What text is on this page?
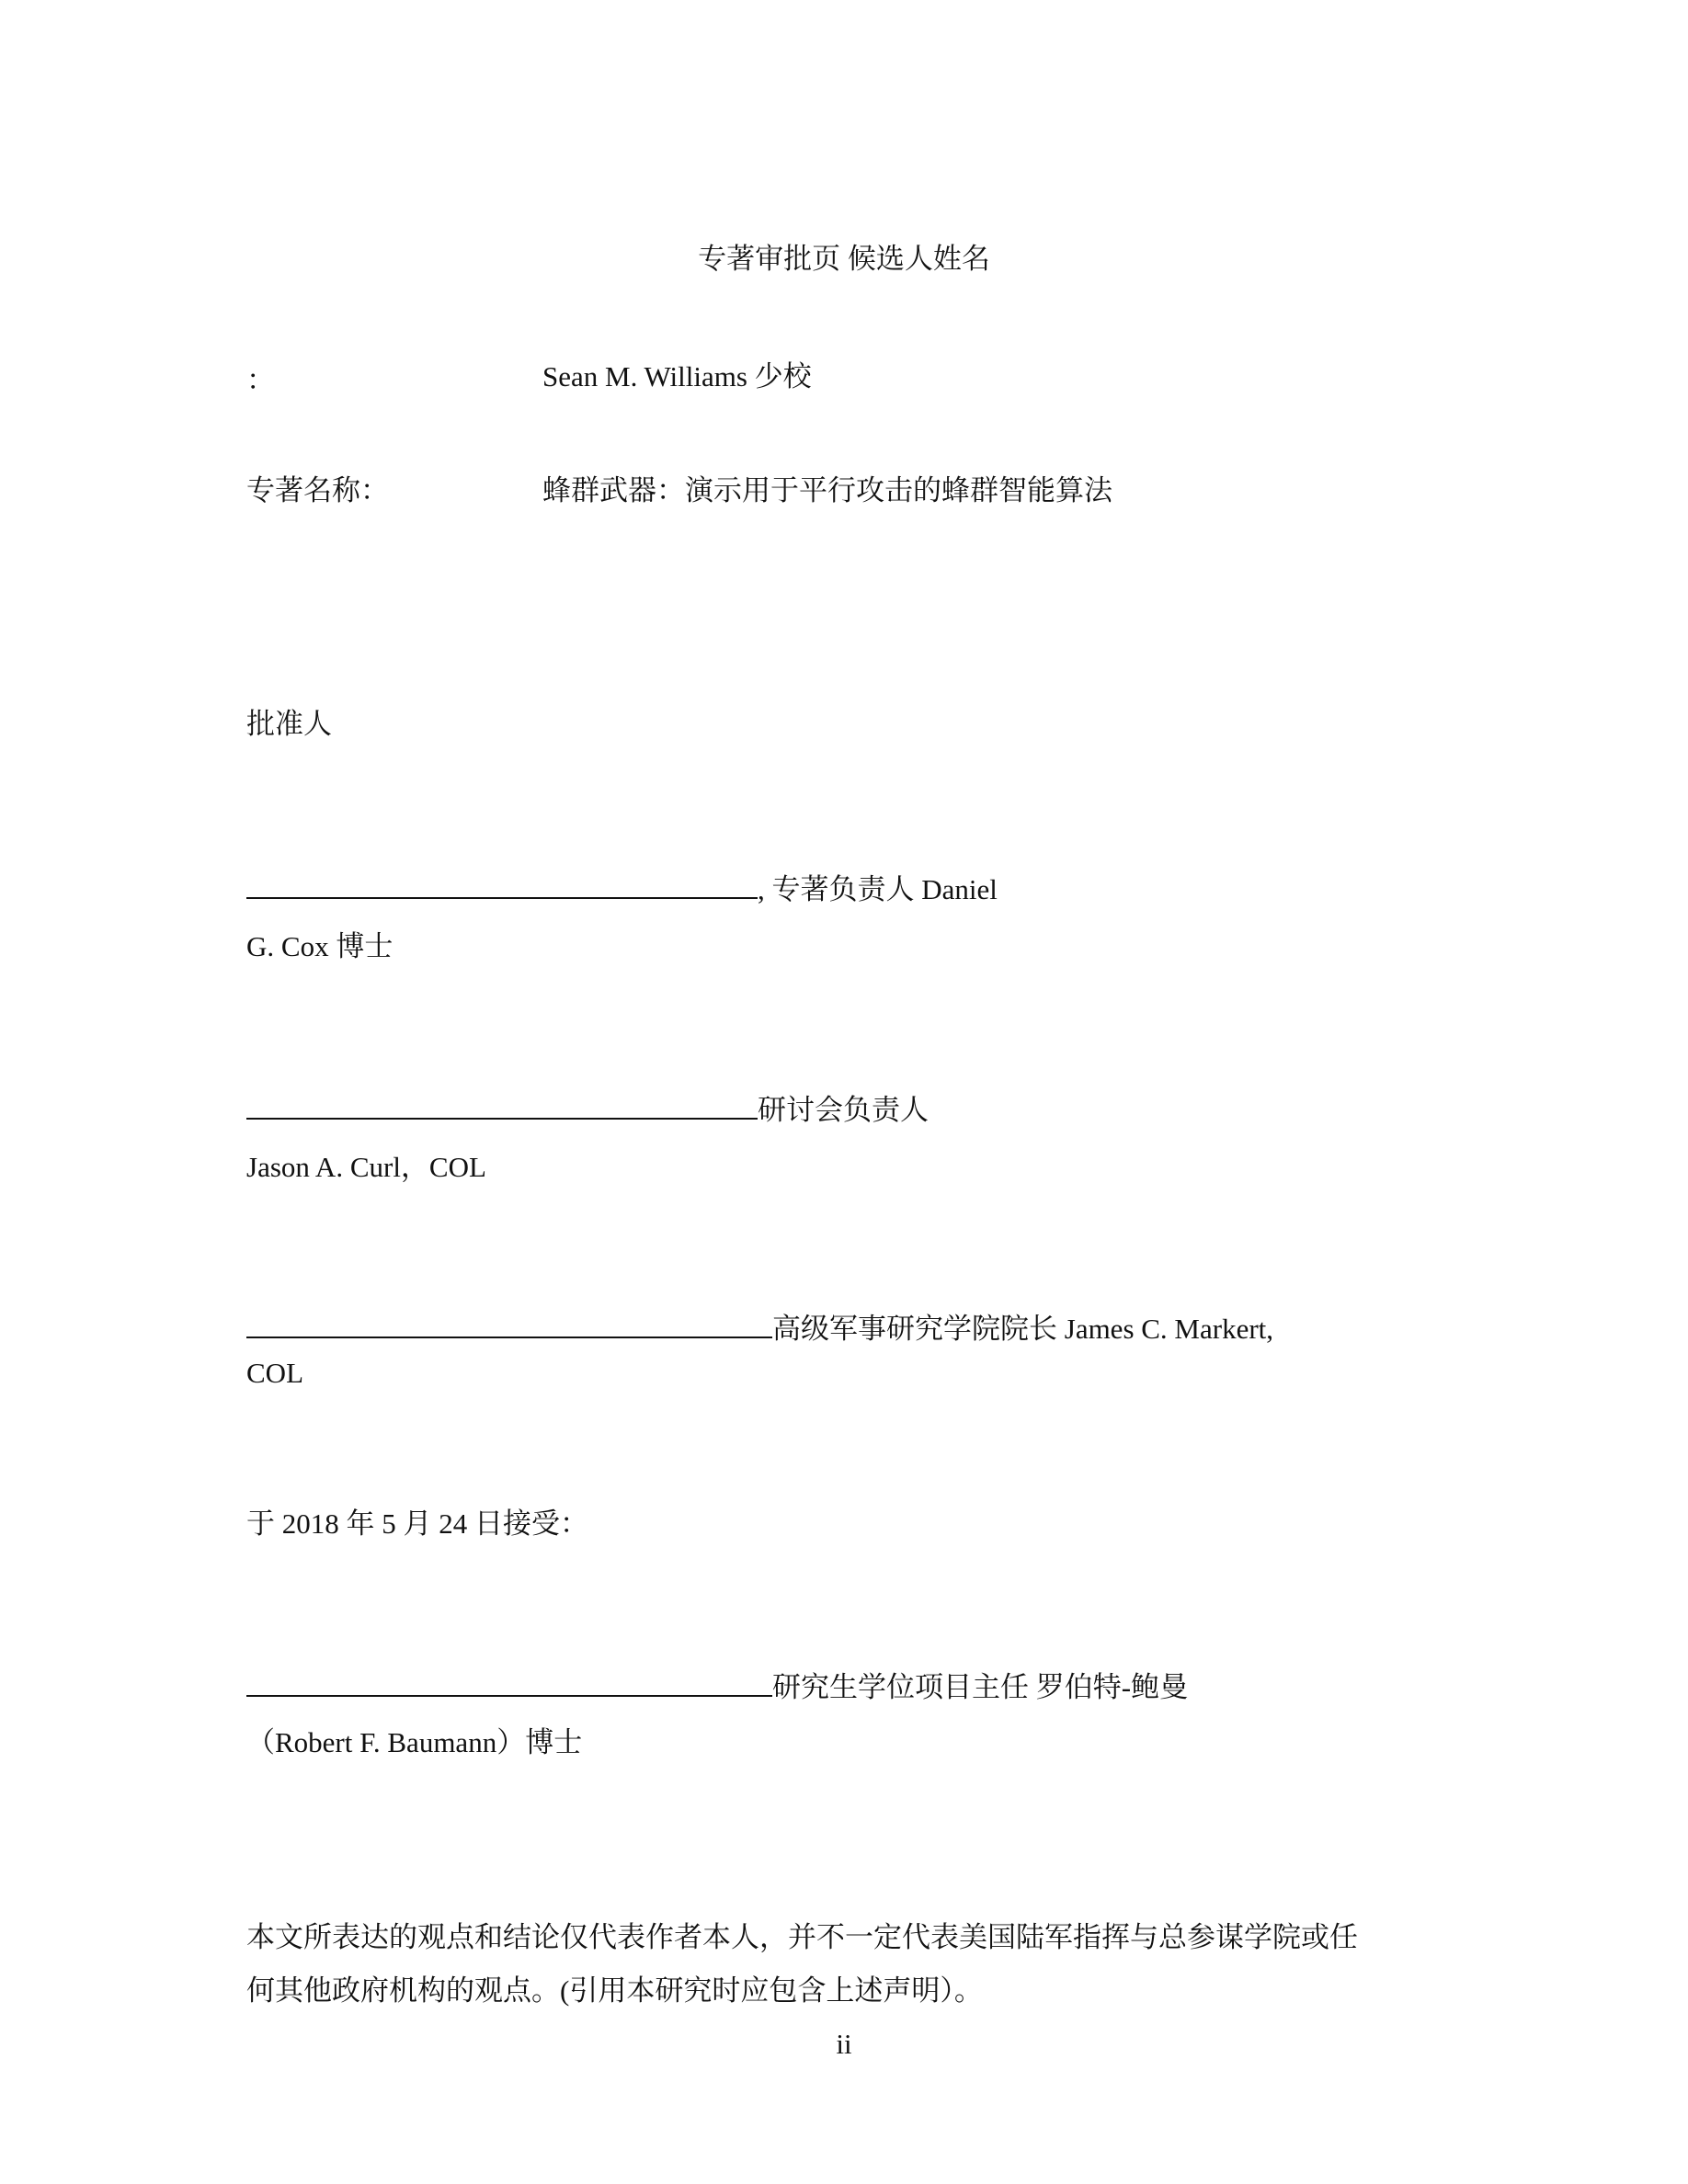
专著审批页 候选人姓名
：	Sean M. Williams 少校
专著名称：	蜂群武器：演示用于平行攻击的蜂群智能算法
批准人
, 专著负责人 Daniel
G. Cox 博士
研讨会负责人
Jason A. Curl，COL
高级军事研究学院院长 James C. Markert,
COL
于 2018 年 5 月 24 日接受：
研究生学位项目主任 罗伯特-鲍曼
（Robert F. Baumann）博士
本文所表达的观点和结论仅代表作者本人，并不一定代表美国陆军指挥与总参谋学院或任
何其他政府机构的观点。(引用本研究时应包含上述声明）。
ii
